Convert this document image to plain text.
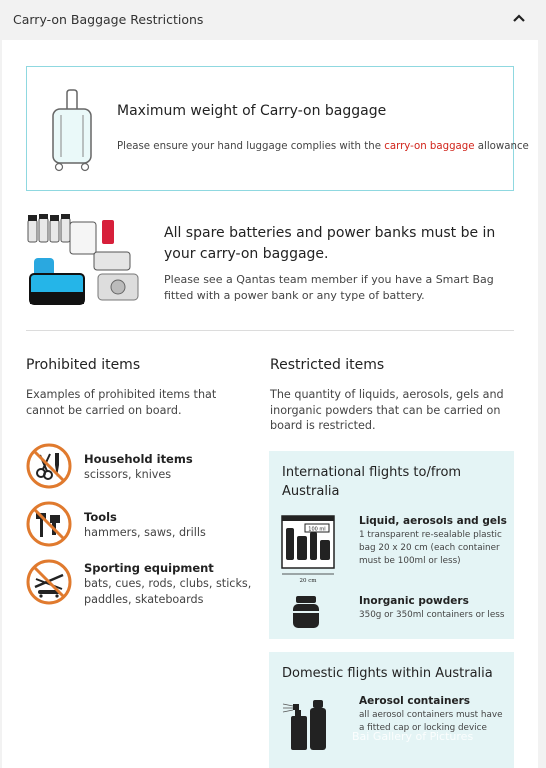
Carry-on Baggage Restrictions
Maximum weight of Carry-on baggage
Please ensure your hand luggage complies with the carry-on baggage allowance
All spare batteries and power banks must be in your carry-on baggage.
Please see a Qantas team member if you have a Smart Bag fitted with a power bank or any type of battery.
Prohibited items
Examples of prohibited items that cannot be carried on board.
Household items
scissors, knives
Tools
hammers, saws, drills
Sporting equipment
bats, cues, rods, clubs, sticks, paddles, skateboards
Restricted items
The quantity of liquids, aerosols, gels and inorganic powders that can be carried on board is restricted.
International flights to/from Australia
100 ml
20 cm
Liquid, aerosols and gels
1 transparent re-sealable plastic bag 20 x 20 cm (each container must be 100ml or less)
Inorganic powders
350g or 350ml containers or less
Domestic flights within Australia
Aerosol containers
all aerosol containers must have a fitted cap or locking device
Bai Gallery of Pictures
